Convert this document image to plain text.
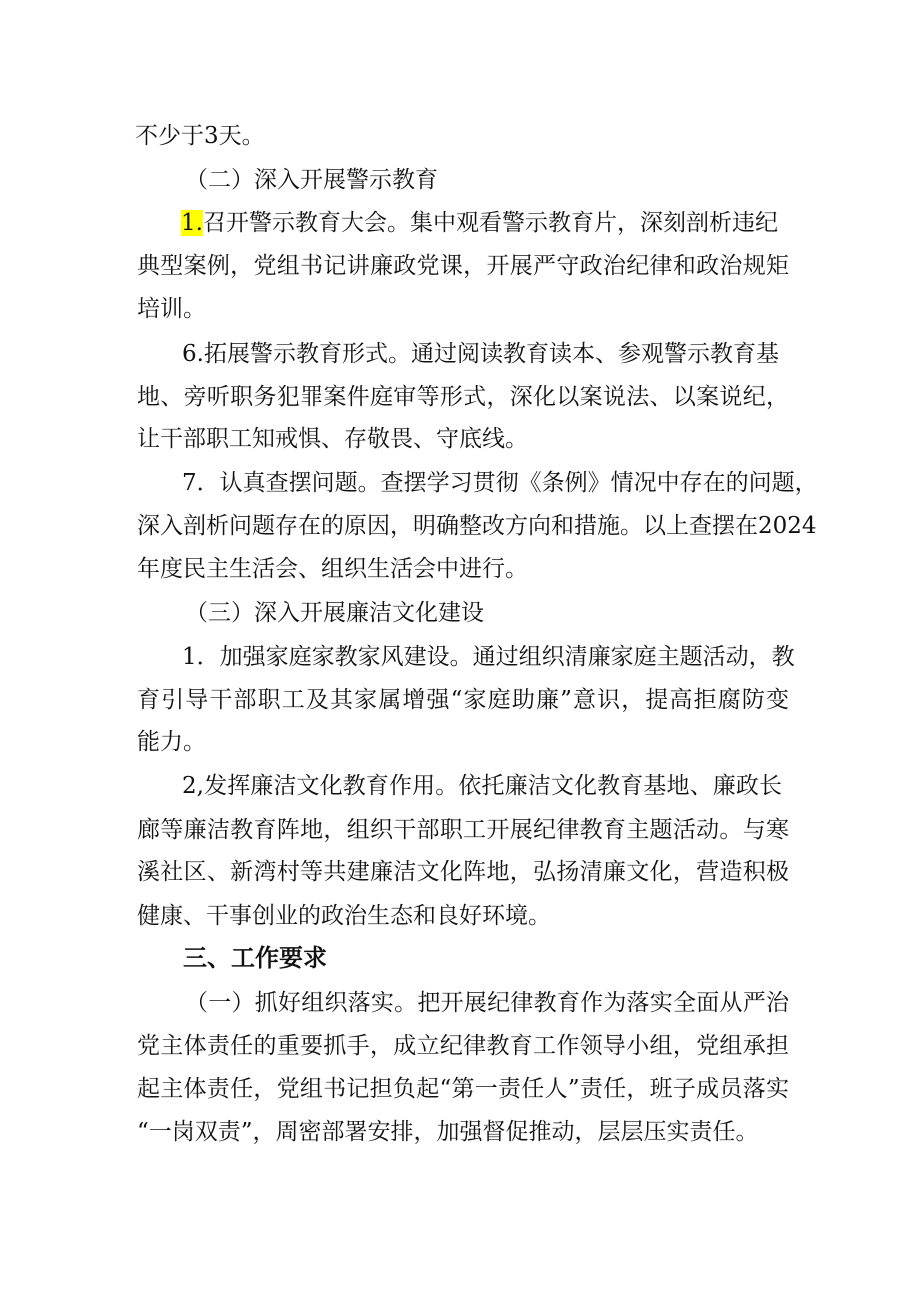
不少于3天。

（二）深入开展警示教育

1.召开警示教育大会。集中观看警示教育片，深刻剖析违纪

典型案例，党组书记讲廉政党课，开展严守政治纪律和政治规矩

培训。

6.拓展警示教育形式。通过阅读教育读本、参观警示教育基

地、旁听职务犯罪案件庭审等形式，深化以案说法、以案说纪，

让干部职工知戒惧、存敬畏、守底线。

7．认真查摆问题。查摆学习贯彻《条例》情况中存在的问题，

深入剖析问题存在的原因，明确整改方向和措施。以上查摆在2024

年度民主生活会、组织生活会中进行。

（三）深入开展廉洁文化建设

1．加强家庭家教家风建设。通过组织清廉家庭主题活动，教

育引导干部职工及其家属增强“家庭助廉”意识，提高拒腐防变

能力。

2,发挥廉洁文化教育作用。依托廉洁文化教育基地、廉政长

廊等廉洁教育阵地，组织干部职工开展纪律教育主题活动。与寒

溪社区、新湾村等共建廉洁文化阵地，弘扬清廉文化，营造积极

健康、干事创业的政治生态和良好环境。

三、工作要求

（一）抓好组织落实。把开展纪律教育作为落实全面从严治

党主体责任的重要抓手，成立纪律教育工作领导小组，党组承担

起主体责任，党组书记担负起“第一责任人”责任，班子成员落实

“一岗双责”，周密部署安排，加强督促推动，层层压实责任。
